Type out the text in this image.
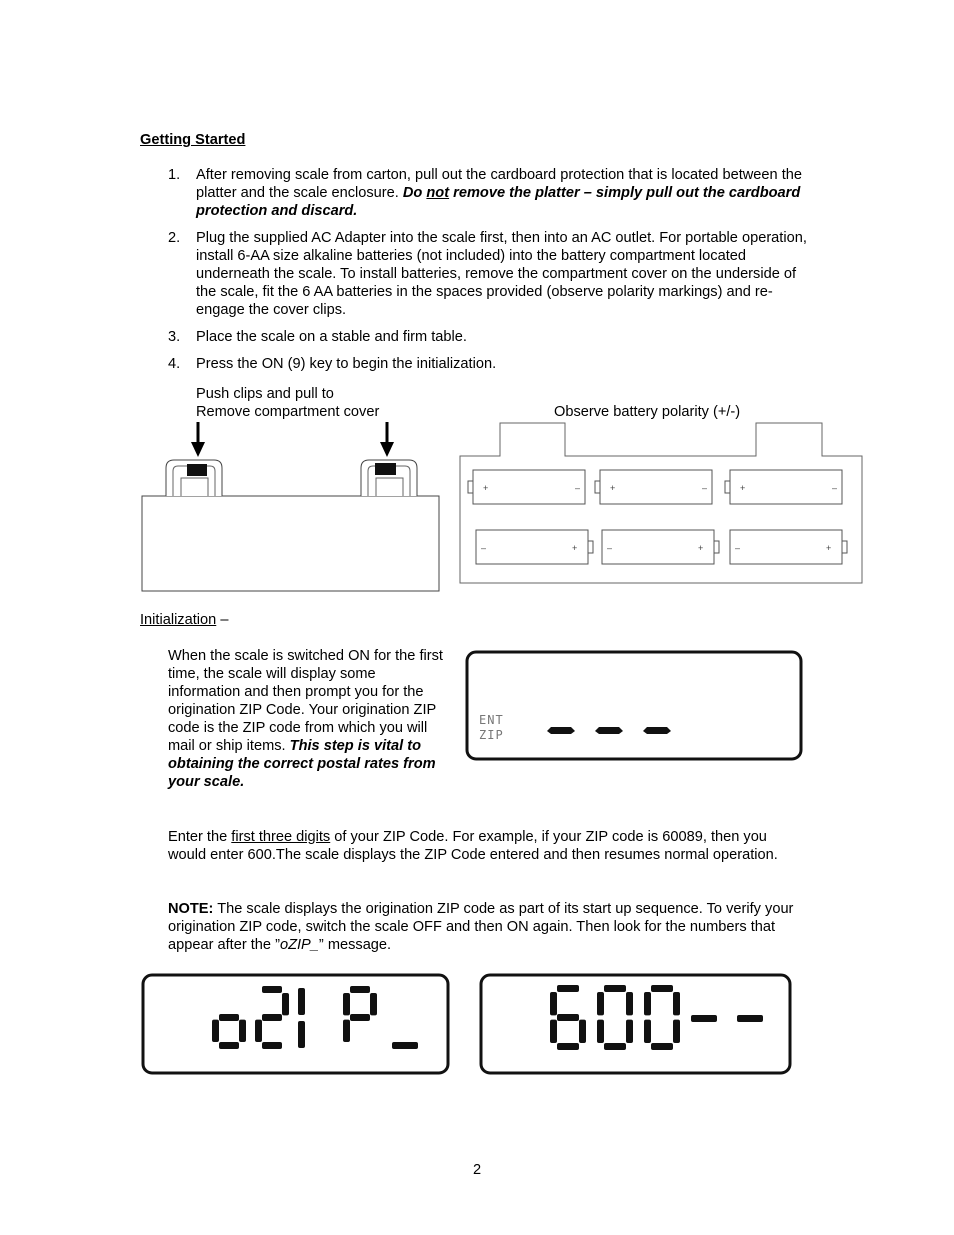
Getting Started
1. After removing scale from carton, pull out the cardboard protection that is located between the platter and the scale enclosure. Do not remove the platter – simply pull out the cardboard protection and discard.
2. Plug the supplied AC Adapter into the scale first, then into an AC outlet. For portable operation, install 6-AA size alkaline batteries (not included) into the battery compartment located underneath the scale. To install batteries, remove the compartment cover on the underside of the scale, fit the 6 AA batteries in the spaces provided (observe polarity markings) and re-engage the cover clips.
3. Place the scale on a stable and firm table.
4. Press the ON (9) key to begin the initialization.
Push clips and pull to
Remove compartment cover	Observe battery polarity (+/-)
+	–	+	–	+	–
–	+	–	+	–	+
Initialization –
When the scale is switched ON for the first time, the scale will display some information and then prompt you for the origination ZIP Code. Your origination ZIP code is the ZIP code from which you will mail or ship items. This step is vital to obtaining the correct postal rates from your scale.
ENT
ZIP
Enter the first three digits of your ZIP Code. For example, if your ZIP code is 60089, then you would enter 600.The scale displays the ZIP Code entered and then resumes normal operation.
NOTE: The scale displays the origination ZIP code as part of its start up sequence. To verify your origination ZIP code, switch the scale OFF and then ON again. Then look for the numbers that appear after the ”oZIP_” message.
2
